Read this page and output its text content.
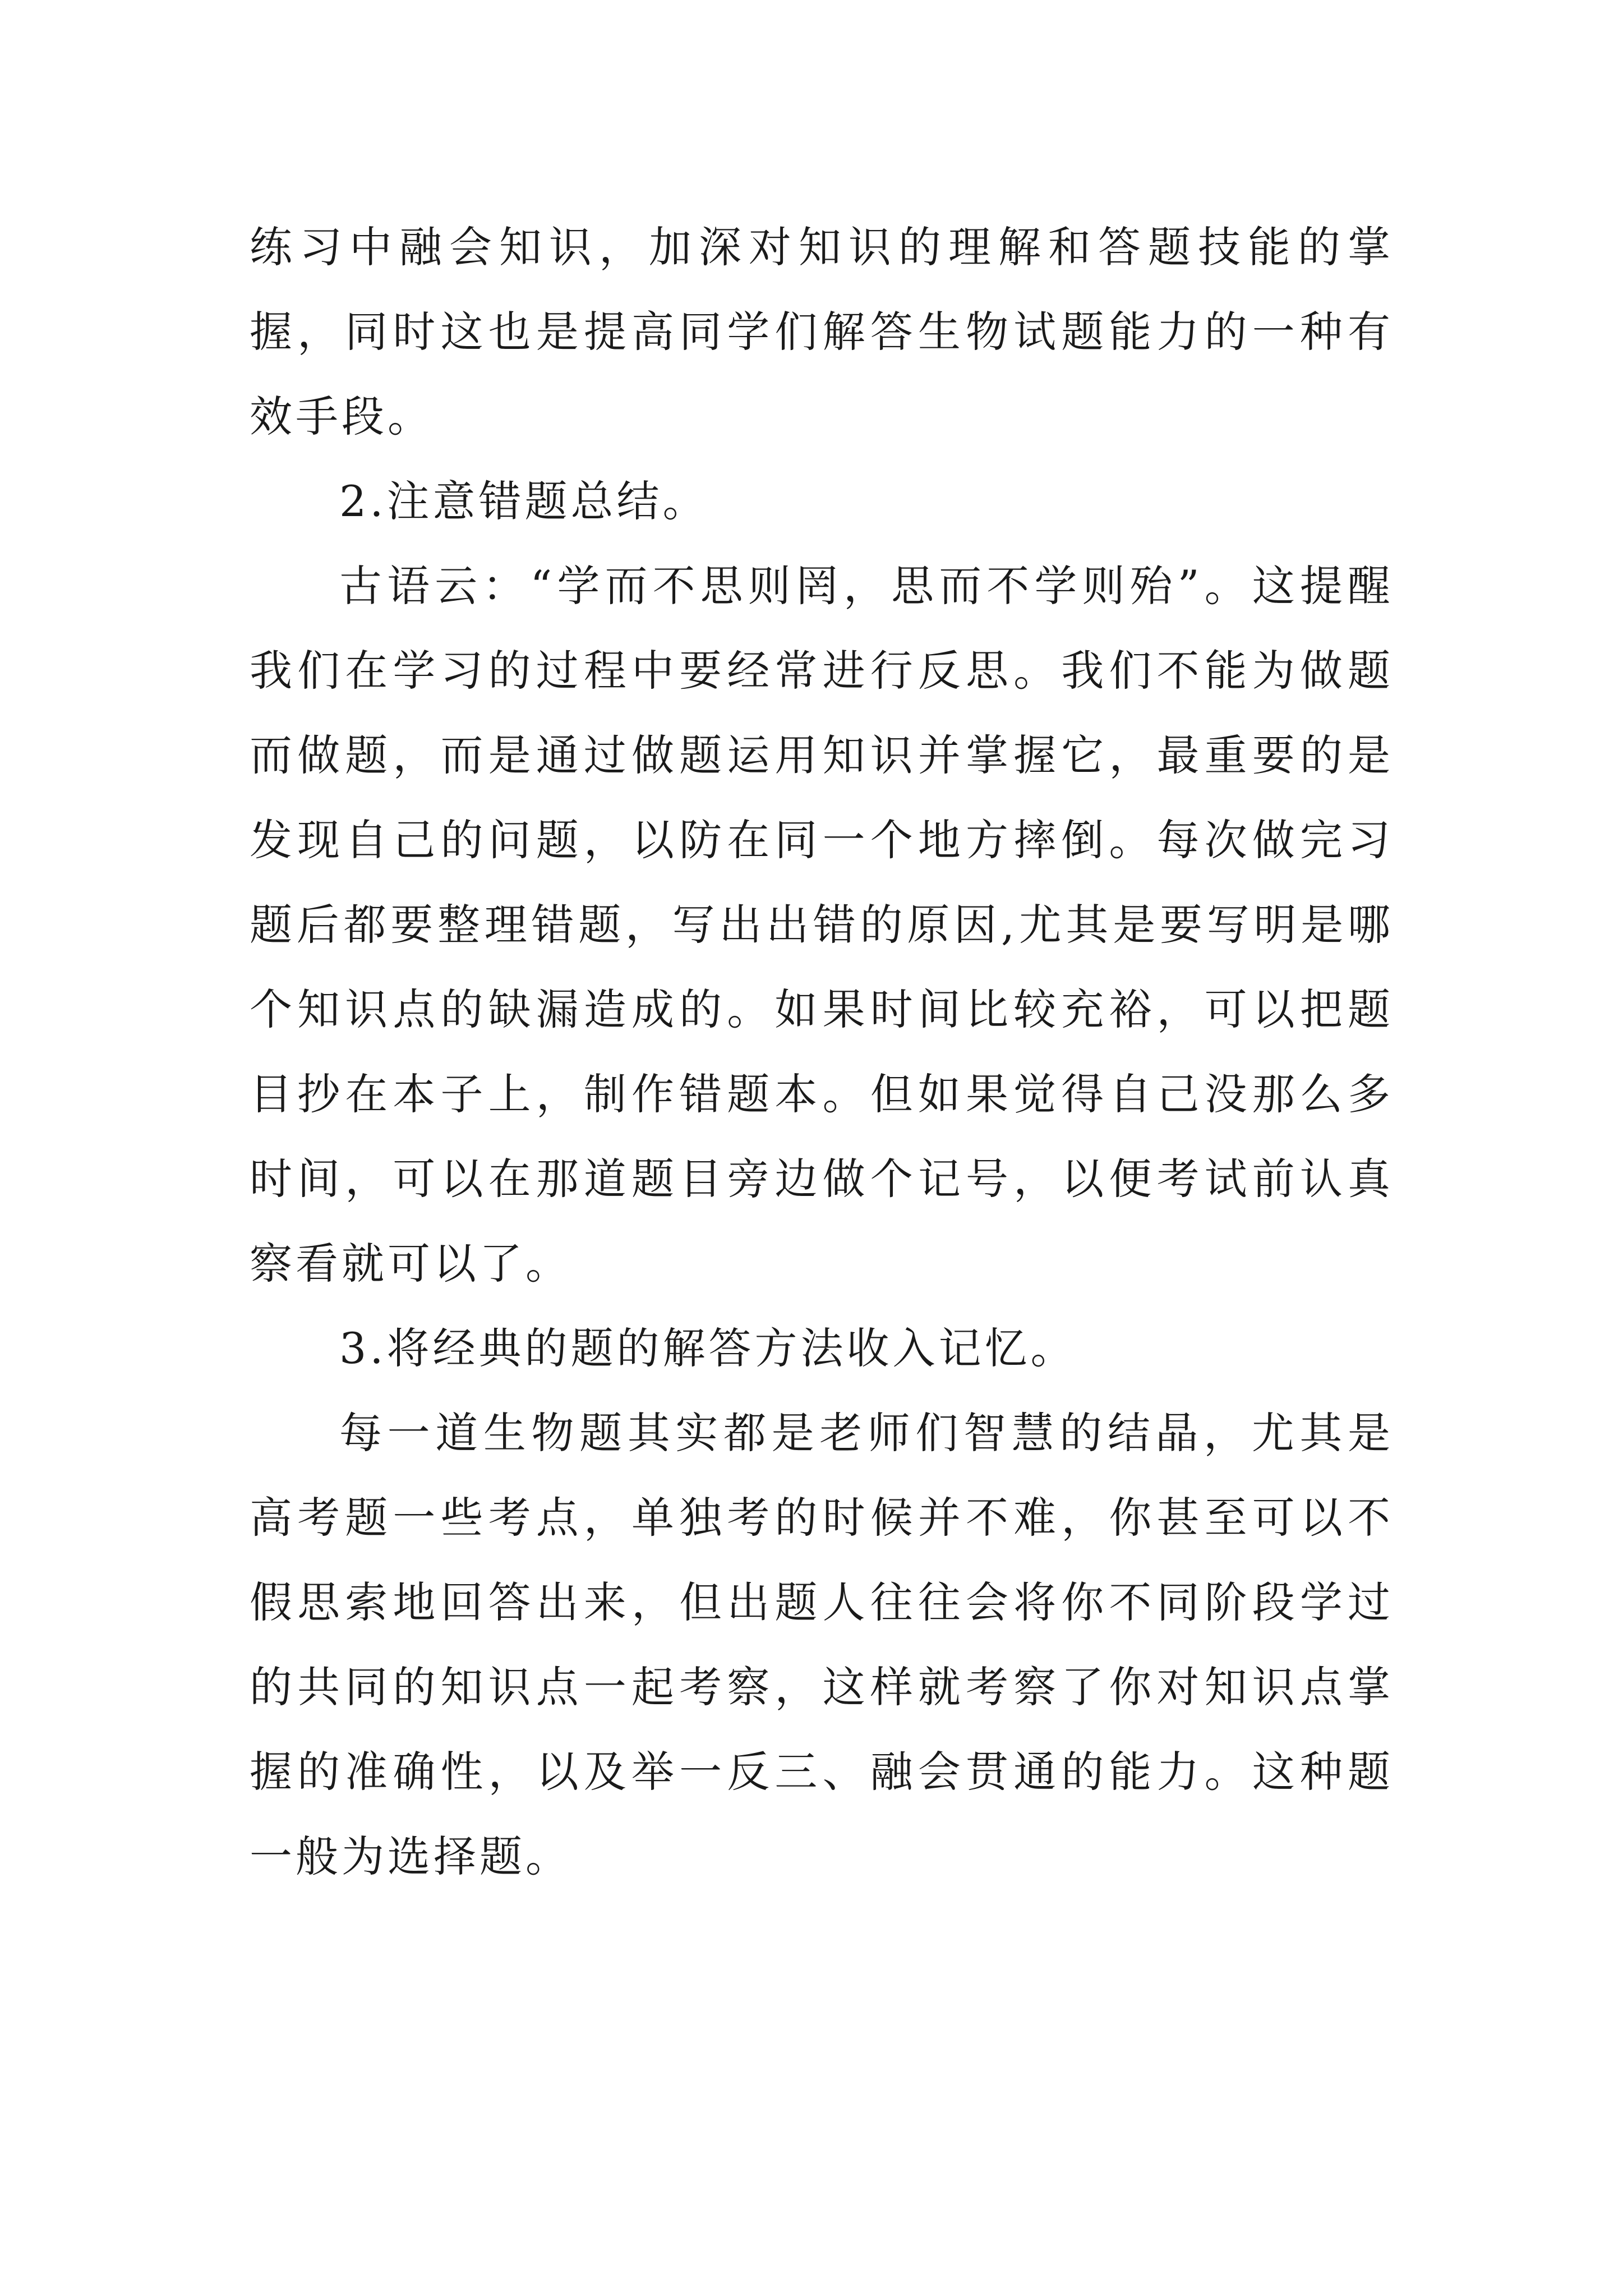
练习中融会知识，加深对知识的理解和答题技能的掌握，同时这也是提高同学们解答生物试题能力的一种有效手段。

2.注意错题总结。

古语云：“学而不思则罔，思而不学则殆”。这提醒我们在学习的过程中要经常进行反思。我们不能为做题而做题，而是通过做题运用知识并掌握它，最重要的是发现自己的问题，以防在同一个地方摔倒。每次做完习题后都要整理错题，写出出错的原因,尤其是要写明是哪个知识点的缺漏造成的。如果时间比较充裕，可以把题目抄在本子上，制作错题本。但如果觉得自己没那么多时间，可以在那道题目旁边做个记号，以便考试前认真察看就可以了。

3.将经典的题的解答方法收入记忆。

每一道生物题其实都是老师们智慧的结晶，尤其是高考题一些考点，单独考的时候并不难，你甚至可以不假思索地回答出来，但出题人往往会将你不同阶段学过的共同的知识点一起考察，这样就考察了你对知识点掌握的准确性，以及举一反三、融会贯通的能力。这种题一般为选择题。
